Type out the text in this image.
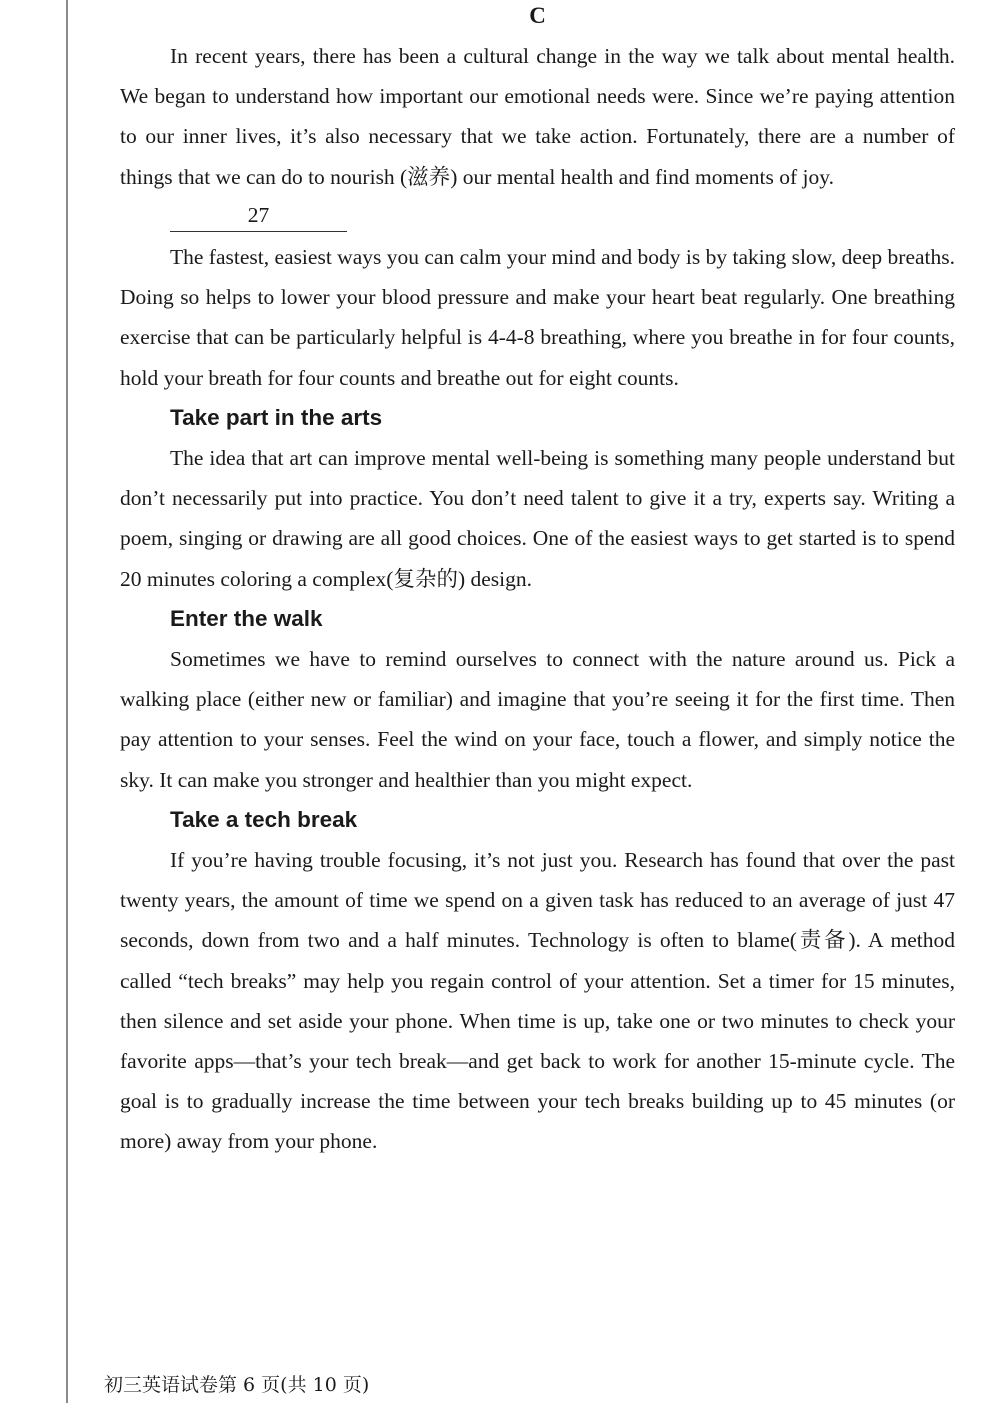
C

In recent years, there has been a cultural change in the way we talk about mental health. We began to understand how important our emotional needs were. Since we’re paying attention to our inner lives, it’s also necessary that we take action. Fortunately, there are a number of things that we can do to nourish (滋养) our mental health and find moments of joy.

27

The fastest, easiest ways you can calm your mind and body is by taking slow, deep breaths. Doing so helps to lower your blood pressure and make your heart beat regularly. One breathing exercise that can be particularly helpful is 4-4-8 breathing, where you breathe in for four counts, hold your breath for four counts and breathe out for eight counts.

Take part in the arts

The idea that art can improve mental well-being is something many people understand but don’t necessarily put into practice. You don’t need talent to give it a try, experts say. Writing a poem, singing or drawing are all good choices. One of the easiest ways to get started is to spend 20 minutes coloring a complex(复杂的) design.

Enter the walk

Sometimes we have to remind ourselves to connect with the nature around us. Pick a walking place (either new or familiar) and imagine that you’re seeing it for the first time. Then pay attention to your senses. Feel the wind on your face, touch a flower, and simply notice the sky. It can make you stronger and healthier than you might expect.

Take a tech break

If you’re having trouble focusing, it’s not just you. Research has found that over the past twenty years, the amount of time we spend on a given task has reduced to an average of just 47 seconds, down from two and a half minutes. Technology is often to blame(责备). A method called “tech breaks” may help you regain control of your attention. Set a timer for 15 minutes, then silence and set aside your phone. When time is up, take one or two minutes to check your favorite apps—that’s your tech break—and get back to work for another 15-minute cycle. The goal is to gradually increase the time between your tech breaks building up to 45 minutes (or more) away from your phone.

初三英语试卷第 6 页(共 10 页)
